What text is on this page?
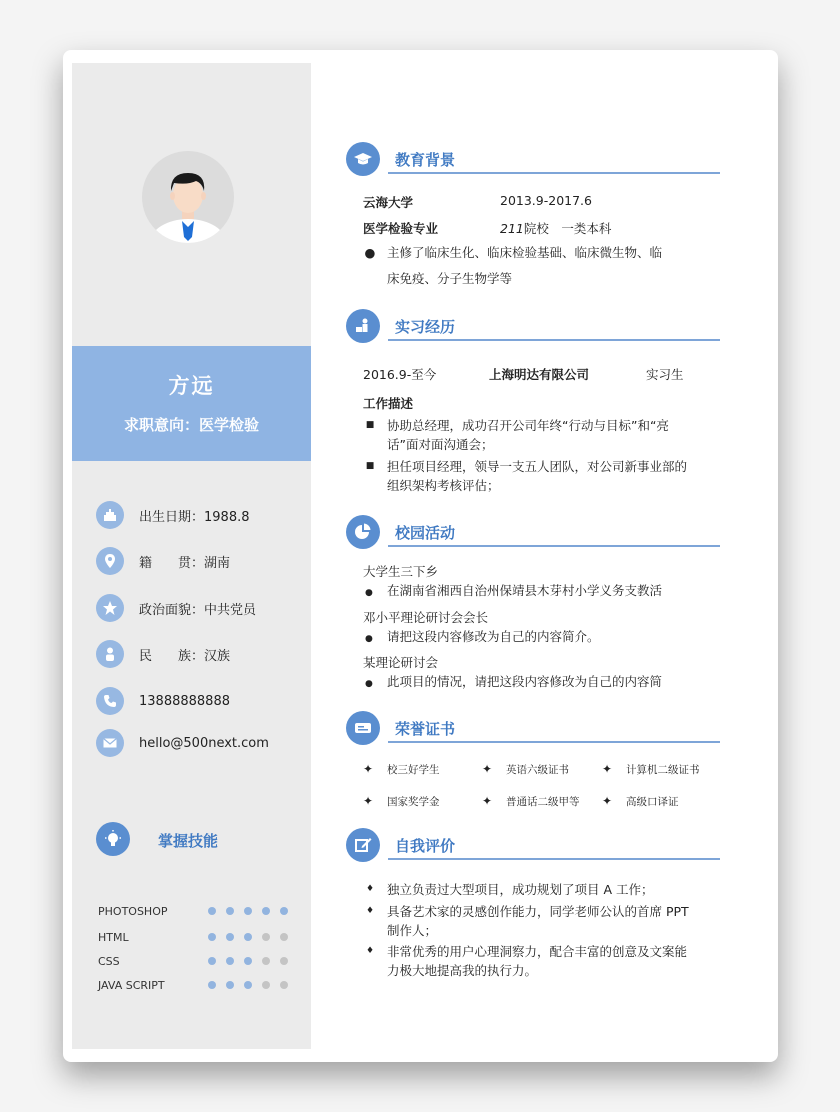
方远
求职意向：医学检验
出生日期：1988.8
籍　　贯：湖南
政治面貌：中共党员
民　　族：汉族
13888888888
hello@500next.com
掌握技能
PHOTOSHOP
HTML
CSS
JAVA SCRIPT
教育背景
云海大学	2013.9-2017.6
医学检验专业	211院校　一类本科
● 主修了临床生化、临床检验基础、临床微生物、临
床免疫、分子生物学等
实习经历
2016.9-至今	上海明达有限公司	实习生
工作描述
■ 协助总经理，成功召开公司年终“行动与目标”和“亮话”面对面沟通会；
■ 担任项目经理，领导一支五人团队，对公司新事业部的组织架构考核评估；
校园活动
大学生三下乡
● 在湖南省湘西自治州保靖县木芽村小学义务支教活
邓小平理论研讨会会长
● 请把这段内容修改为自己的内容简介。
某理论研讨会
● 此项目的情况，请把这段内容修改为自己的内容简
荣誉证书
✦ 校三好学生	✦ 英语六级证书	✦ 计算机二级证书
✦ 国家奖学金	✦ 普通话二级甲等 ✦ 高级口译证
自我评价
♦ 独立负责过大型项目，成功规划了项目 A 工作；
♦ 具备艺术家的灵感创作能力，同学老师公认的首席 PPT 制作人；
♦ 非常优秀的用户心理洞察力，配合丰富的创意及文案能力极大地提高我的执行力。
